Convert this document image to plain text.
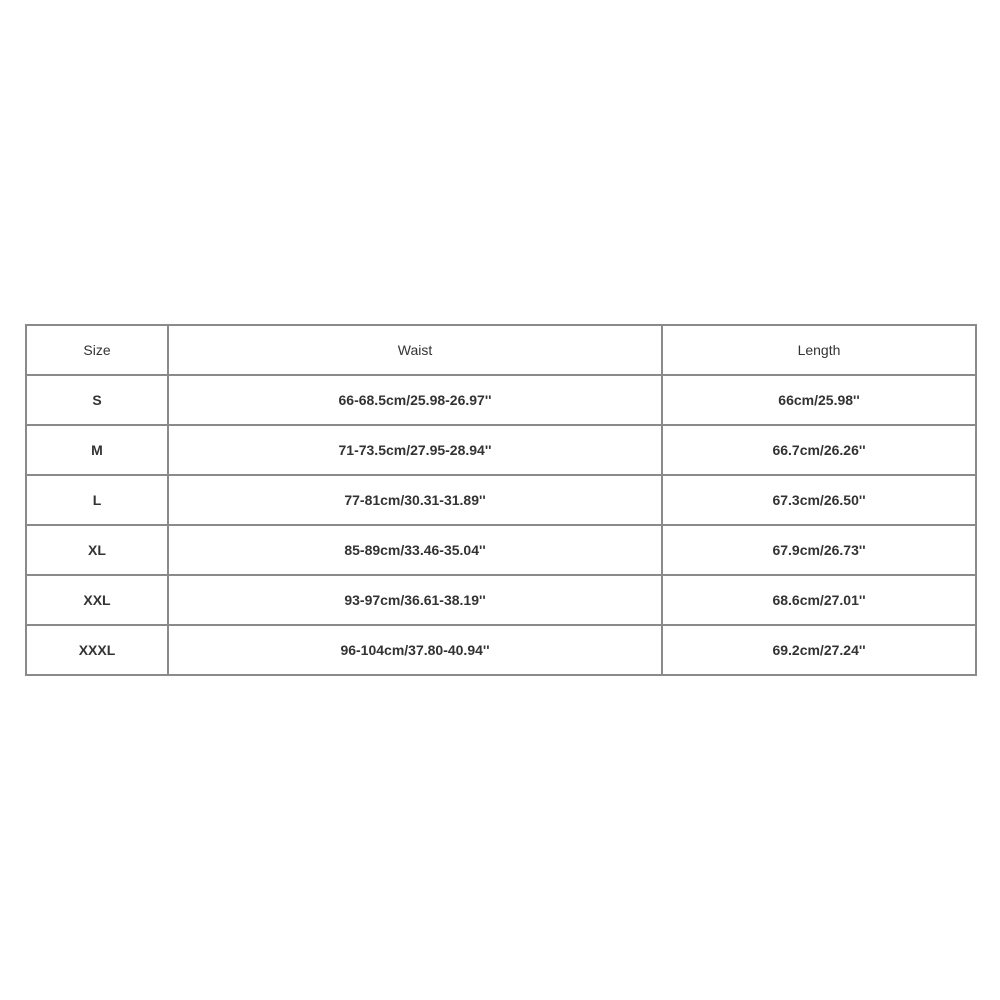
Size	Waist	Length
S	66-68.5cm/25.98-26.97''	66cm/25.98''
M	71-73.5cm/27.95-28.94''	66.7cm/26.26''
L	77-81cm/30.31-31.89''	67.3cm/26.50''
XL	85-89cm/33.46-35.04''	67.9cm/26.73''
XXL	93-97cm/36.61-38.19''	68.6cm/27.01''
XXXL	96-104cm/37.80-40.94''	69.2cm/27.24''
